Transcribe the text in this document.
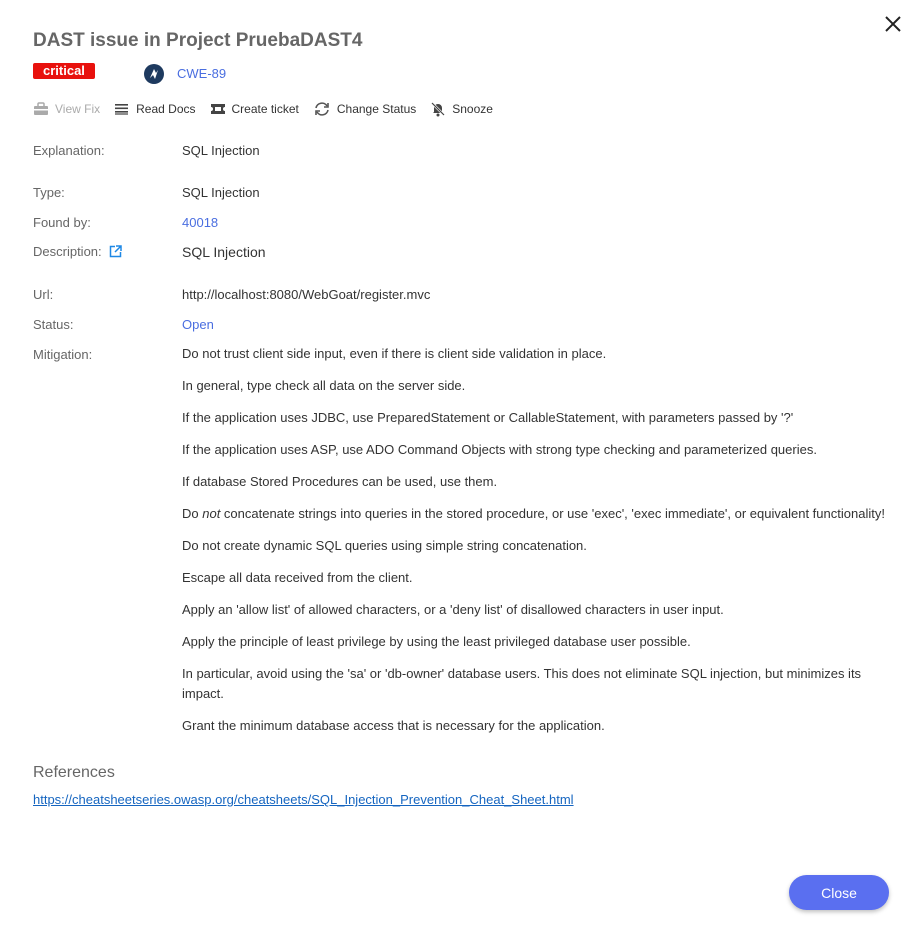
DAST issue in Project PruebaDAST4
critical	CWE-89
View Fix	Read Docs	Create ticket	Change Status	Snooze
Explanation:	SQL Injection
Type:	SQL Injection
Found by:	40018
Description:	SQL Injection
Url:	http://localhost:8080/WebGoat/register.mvc
Status:	Open
Mitigation:	Do not trust client side input, even if there is client side validation in place.

In general, type check all data on the server side.

If the application uses JDBC, use PreparedStatement or CallableStatement, with parameters passed by '?'

If the application uses ASP, use ADO Command Objects with strong type checking and parameterized queries.

If database Stored Procedures can be used, use them.

Do not concatenate strings into queries in the stored procedure, or use 'exec', 'exec immediate', or equivalent functionality!

Do not create dynamic SQL queries using simple string concatenation.

Escape all data received from the client.

Apply an 'allow list' of allowed characters, or a 'deny list' of disallowed characters in user input.

Apply the principle of least privilege by using the least privileged database user possible.

In particular, avoid using the 'sa' or 'db-owner' database users. This does not eliminate SQL injection, but minimizes its impact.

Grant the minimum database access that is necessary for the application.

References
https://cheatsheetseries.owasp.org/cheatsheets/SQL_Injection_Prevention_Cheat_Sheet.html
Close
